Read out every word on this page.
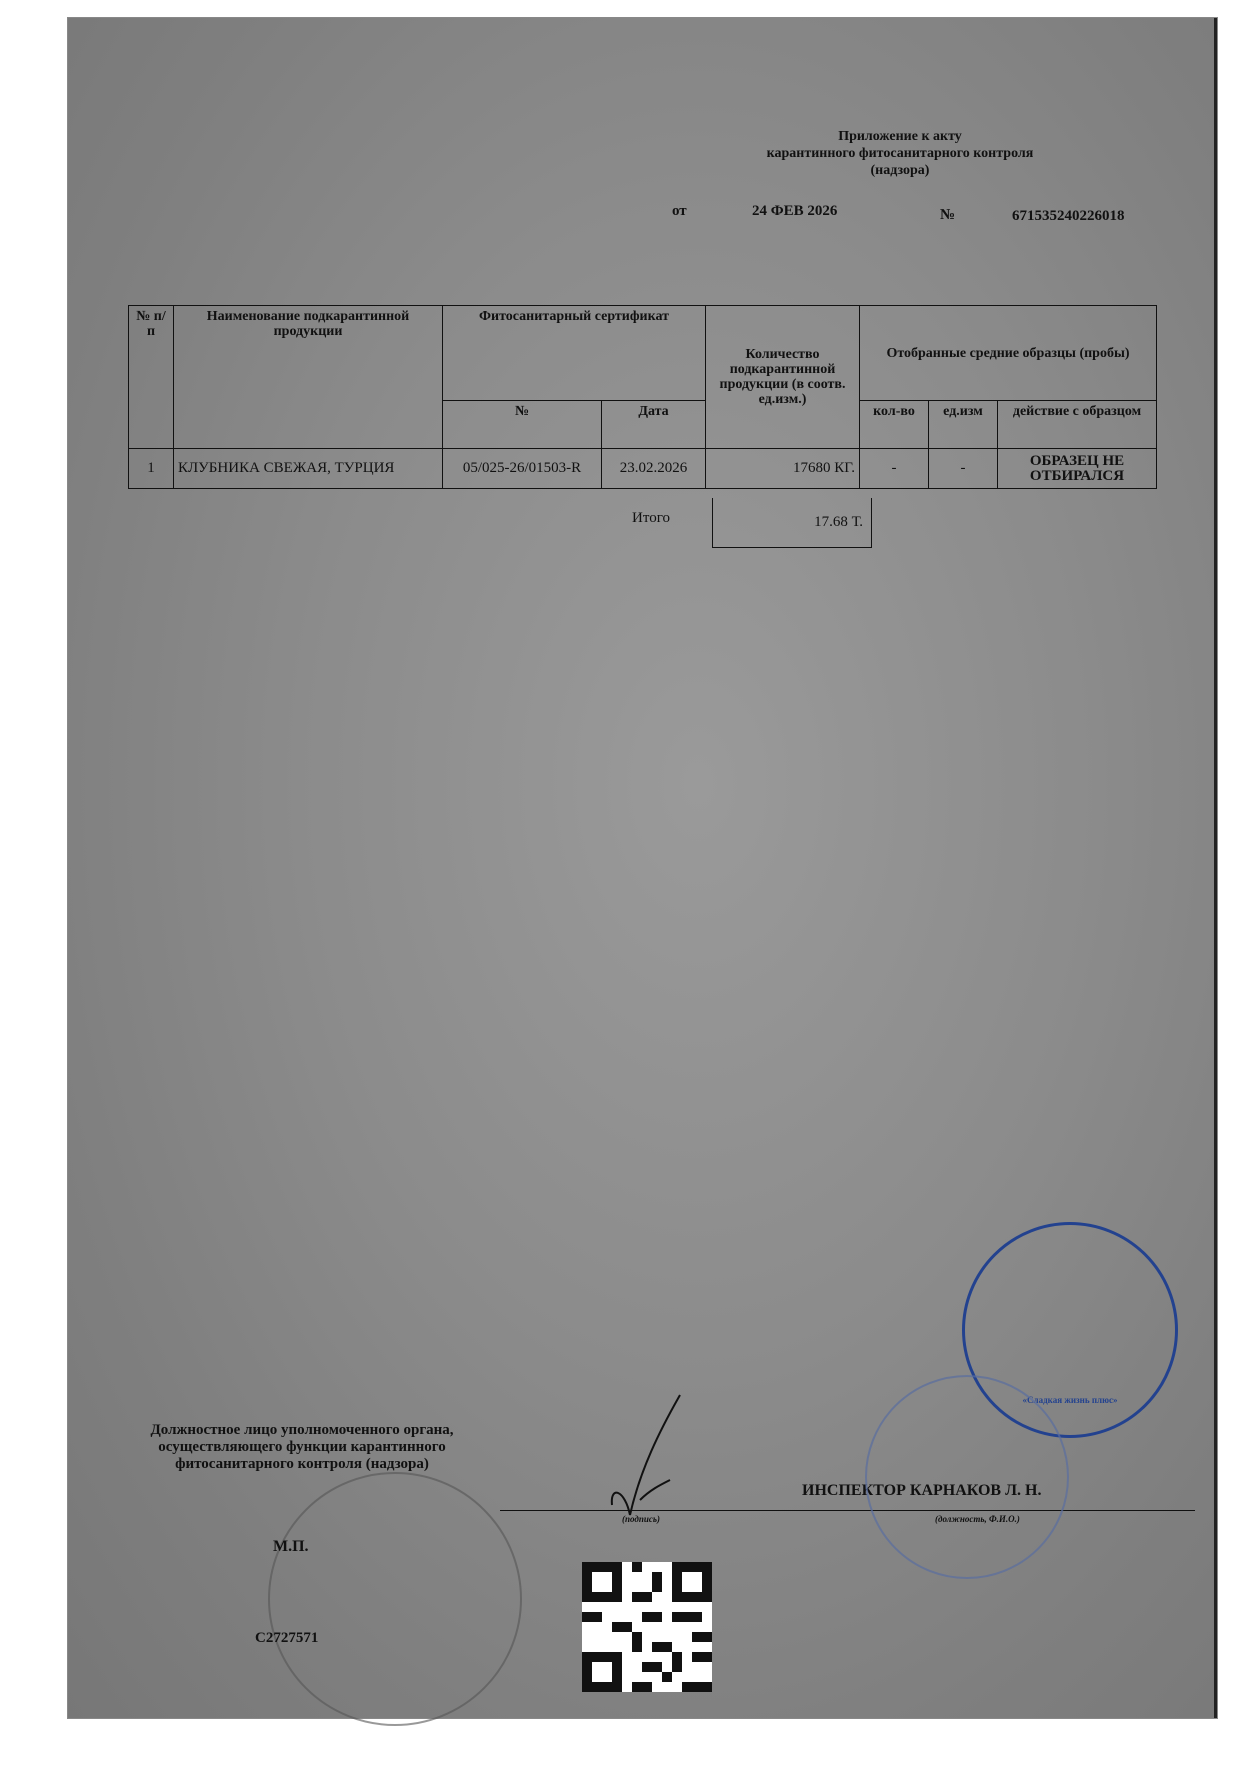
Приложение к акту
карантинного фитосанитарного контроля
(надзора)
от	24 ФЕВ 2026	№	671535240226018
№ п/п	Наименование подкарантинной продукции	Фитосанитарный сертификат		Количество подкарантинной продукции (в соотв. ед.изм.)	Отобранные средние образцы (пробы)		
		№	Дата		кол-во	ед.изм	действие с образцом
1	КЛУБНИКА СВЕЖАЯ, ТУРЦИЯ	05/025-26/01503-R	23.02.2026	17680 КГ.	-	-	ОБРАЗЕЦ НЕ ОТБИРАЛСЯ
Итого	17.68 Т.
Должностное лицо уполномоченного органа, осуществляющего функции карантинного фитосанитарного контроля (надзора)
(подпись)
ИНСПЕКТОР КАРНАКОВ Л. Н.
(должность, Ф.И.О.)
М.П.
С2727571
«Сладкая жизнь плюс»
